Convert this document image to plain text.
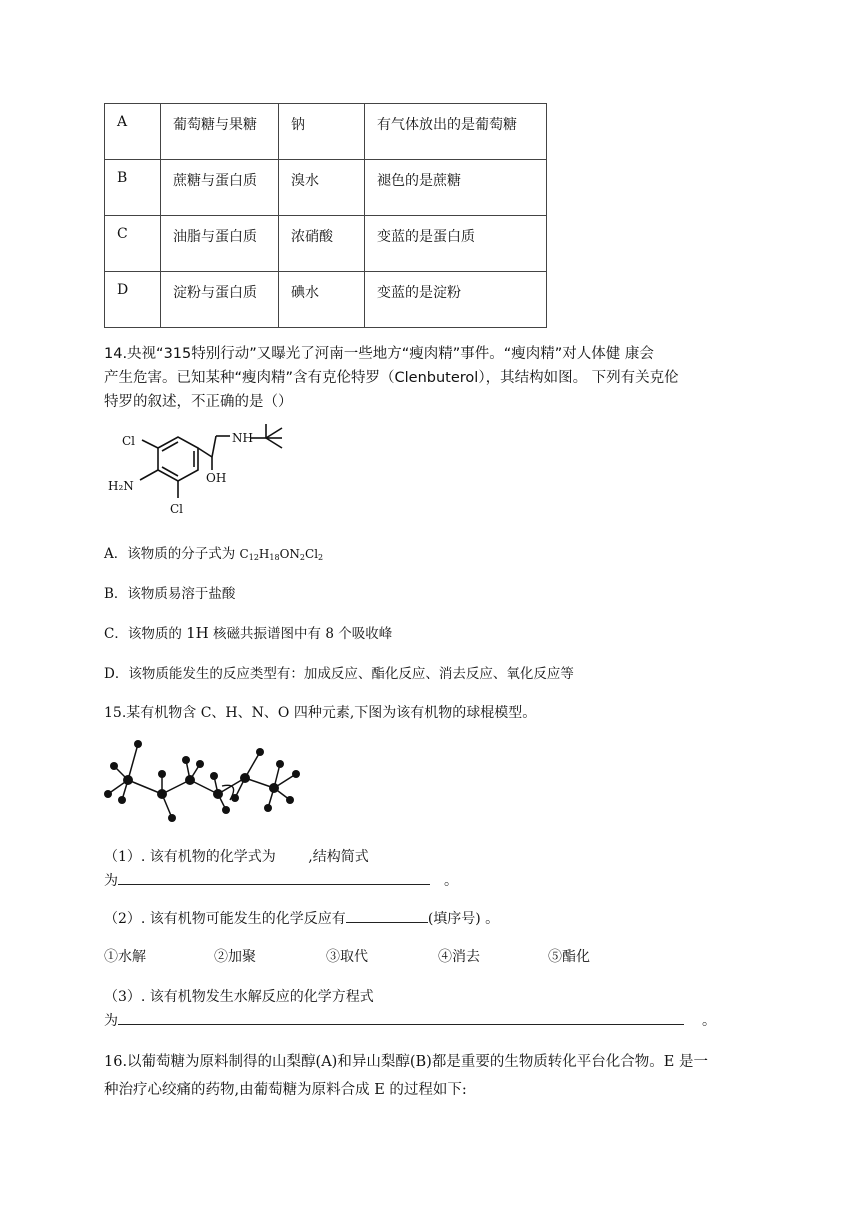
A	葡萄糖与果糖	钠	有气体放出的是葡萄糖
B	蔗糖与蛋白质	溴水	褪色的是蔗糖
C	油脂与蛋白质	浓硝酸	变蓝的是蛋白质
D	淀粉与蛋白质	碘水	变蓝的是淀粉
14.央视“315特别行动”又曝光了河南一些地方“瘦肉精”事件。“瘦肉精”对人体健 康会
产生危害。已知某种“瘦肉精”含有克伦特罗（Clenbuterol），其结构如图。 下列有关克伦
特罗的叙述，不正确的是（）
Cl
H₂N
Cl
NH
OH
A．该物质的分子式为 $C_{12}H_{18}ON_2Cl_2$
B．该物质易溶于盐酸
C．该物质的 1H 核磁共振谱图中有 8 个吸收峰
D．该物质能发生的反应类型有：加成反应、酯化反应、消去反应、氧化反应等
15.某有机物含 C、H、N、O 四种元素,下图为该有机物的球棍模型。
（1）. 该有机物的化学式为　　 ,结构简式
为	。
（2）. 该有机物可能发生的化学反应有	(填序号) 。
①水解	②加聚	③取代	④消去	⑤酯化
（3）. 该有机物发生水解反应的化学方程式
为	。
16.以葡萄糖为原料制得的山梨醇(A)和异山梨醇(B)都是重要的生物质转化平台化合物。E 是一
种治疗心绞痛的药物,由葡萄糖为原料合成 E 的过程如下:
